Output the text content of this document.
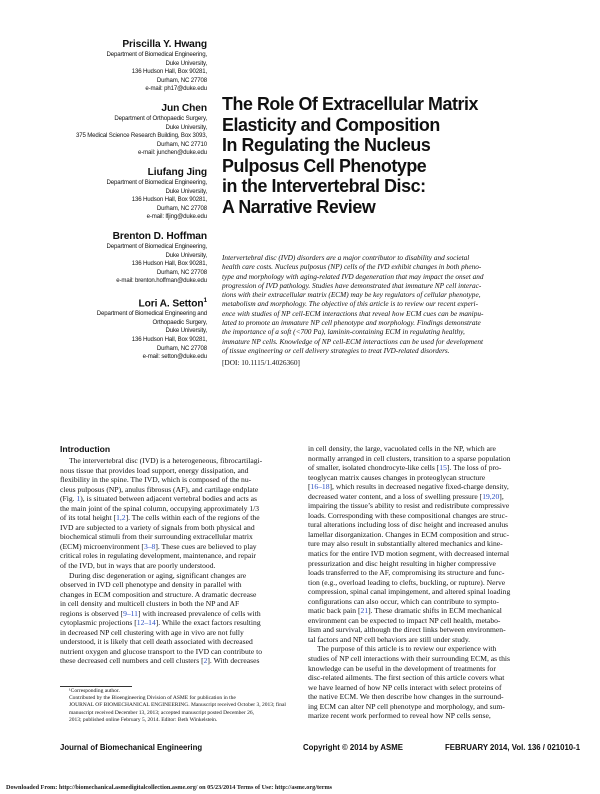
Priscilla Y. Hwang
Department of Biomedical Engineering,
Duke University,
136 Hudson Hall, Box 90281,
Durham, NC 27708
e-mail: ph17@duke.edu
Jun Chen
Department of Orthopaedic Surgery,
Duke University,
375 Medical Science Research Building, Box 3093,
Durham, NC 27710
e-mail: junchen@duke.edu
Liufang Jing
Department of Biomedical Engineering,
Duke University,
136 Hudson Hall, Box 90281,
Durham, NC 27708
e-mail: lfjing@duke.edu
Brenton D. Hoffman
Department of Biomedical Engineering,
Duke University,
136 Hudson Hall, Box 90281,
Durham, NC 27708
e-mail: brenton.hoffman@duke.edu
Lori A. Setton$^1$
Department of Biomedical Engineering and
Orthopaedic Surgery,
Duke University,
136 Hudson Hall, Box 90281,
Durham, NC 27708
e-mail: setton@duke.edu
The Role Of Extracellular Matrix
Elasticity and Composition
In Regulating the Nucleus
Pulposus Cell Phenotype
in the Intervertebral Disc:
A Narrative Review
Intervertebral disc (IVD) disorders are a major contributor to disability and societal
health care costs. Nucleus pulposus (NP) cells of the IVD exhibit changes in both pheno-
type and morphology with aging-related IVD degeneration that may impact the onset and
progression of IVD pathology. Studies have demonstrated that immature NP cell interac-
tions with their extracellular matrix (ECM) may be key regulators of cellular phenotype,
metabolism and morphology. The objective of this article is to review our recent experi-
ence with studies of NP cell-ECM interactions that reveal how ECM cues can be manipu-
lated to promote an immature NP cell phenotype and morphology. Findings demonstrate
the importance of a soft (<700 Pa), laminin-containing ECM in regulating healthy,
immature NP cells. Knowledge of NP cell-ECM interactions can be used for development
of tissue engineering or cell delivery strategies to treat IVD-related disorders.
[DOI: 10.1115/1.4026360]
Introduction
The intervertebral disc (IVD) is a heterogeneous, fibrocartilagi-
nous tissue that provides load support, energy dissipation, and
flexibility in the spine. The IVD, which is composed of the nu-
cleus pulposus (NP), anulus fibrosus (AF), and cartilage endplate
(Fig. 1), is situated between adjacent vertebral bodies and acts as
the main joint of the spinal column, occupying approximately 1/3
of its total height [1,2]. The cells within each of the regions of the
IVD are subjected to a variety of signals from both physical and
biochemical stimuli from their surrounding extracellular matrix
(ECM) microenvironment [3–8]. These cues are believed to play
critical roles in regulating development, maintenance, and repair
of the IVD, but in ways that are poorly understood.
During disc degeneration or aging, significant changes are
observed in IVD cell phenotype and density in parallel with
changes in ECM composition and structure. A dramatic decrease
in cell density and multicell clusters in both the NP and AF
regions is observed [9–11] with increased prevalence of cells with
cytoplasmic projections [12–14]. While the exact factors resulting
in decreased NP cell clustering with age in vivo are not fully
understood, it is likely that cell death associated with decreased
nutrient oxygen and glucose transport to the IVD can contribute to
these decreased cell numbers and cell clusters [2]. With decreases
in cell density, the large, vacuolated cells in the NP, which are
normally arranged in cell clusters, transition to a sparse population
of smaller, isolated chondrocyte-like cells [15]. The loss of pro-
teoglycan matrix causes changes in proteoglycan structure
[16–18], which results in decreased negative fixed-charge density,
decreased water content, and a loss of swelling pressure [19,20],
impairing the tissue’s ability to resist and redistribute compressive
loads. Corresponding with these compositional changes are struc-
tural alterations including loss of disc height and increased anulus
lamellar disorganization. Changes in ECM composition and struc-
ture may also result in substantially altered mechanics and kine-
matics for the entire IVD motion segment, with decreased internal
pressurization and disc height resulting in higher compressive
loads transferred to the AF, compromising its structure and func-
tion (e.g., overload leading to clefts, buckling, or rupture). Nerve
compression, spinal canal impingement, and altered spinal loading
configurations can also occur, which can contribute to sympto-
matic back pain [21]. These dramatic shifts in ECM mechanical
environment can be expected to impact NP cell health, metabo-
lism and survival, although the direct links between environmen-
tal factors and NP cell behaviors are still under study.
The purpose of this article is to review our experience with
studies of NP cell interactions with their surrounding ECM, as this
knowledge can be useful in the development of treatments for
disc-related ailments. The first section of this article covers what
we have learned of how NP cells interact with select proteins of
the native ECM. We then describe how changes in the surround-
ing ECM can alter NP cell phenotype and morphology, and sum-
marize recent work performed to reveal how NP cells sense,
¹Corresponding author.
Contributed by the Bioengineering Division of ASME for publication in the
JOURNAL OF BIOMECHANICAL ENGINEERING. Manuscript received October 3, 2013; final
manuscript received December 13, 2013; accepted manuscript posted December 26,
2013; published online February 5, 2014. Editor: Beth Winkelstein.
Journal of Biomechanical Engineering	Copyright © 2014 by ASME	FEBRUARY 2014, Vol. 136 / 021010-1
Downloaded From: http://biomechanical.asmedigitalcollection.asme.org/ on 05/23/2014 Terms of Use: http://asme.org/terms
